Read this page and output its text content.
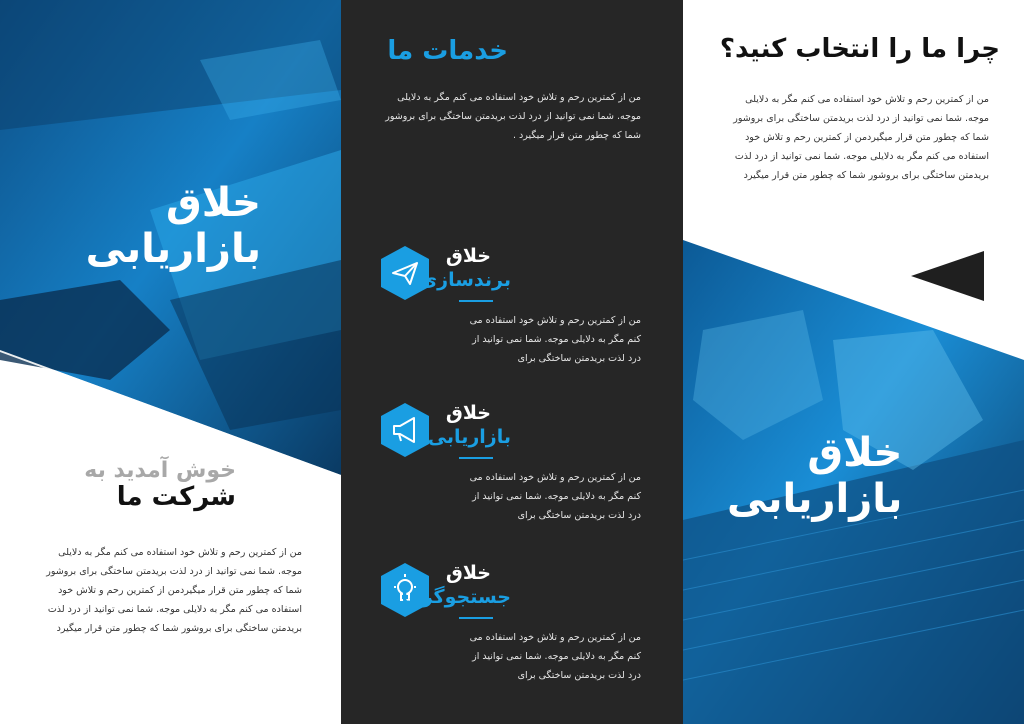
خلاق
بازاریابی
خوش آمدید به
شرکت ما
من از کمترین رحم و تلاش خود استفاده می کنم مگر به دلایلی موجه. شما نمی توانید از درد لذت بریدمتن ساختگی برای بروشور شما که چطور متن قرار میگیردمن از کمترین رحم و تلاش خود استفاده می کنم مگر به دلایلی موجه. شما نمی توانید از درد لذت بریدمتن ساختگی برای بروشور شما که چطور متن قرار میگیرد
خدمات ما
من از کمترین رحم و تلاش خود استفاده می کنم مگر به دلایلی موجه. شما نمی توانید از درد لذت بریدمتن ساختگی برای بروشور شما که چطور متن قرار میگیرد .
خلاق
برندسازی
من از کمترین رحم و تلاش خود استفاده می کنم مگر به دلایلی موجه. شما نمی توانید از درد لذت بریدمتن ساختگی برای
خلاق
بازاریابی
من از کمترین رحم و تلاش خود استفاده می کنم مگر به دلایلی موجه. شما نمی توانید از درد لذت بریدمتن ساختگی برای
خلاق
جستجوگرها
من از کمترین رحم و تلاش خود استفاده می کنم مگر به دلایلی موجه. شما نمی توانید از درد لذت بریدمتن ساختگی برای
چرا ما را انتخاب کنید؟
من از کمترین رحم و تلاش خود استفاده می کنم مگر به دلایلی موجه. شما نمی توانید از درد لذت بریدمتن ساختگی برای بروشور شما که چطور متن قرار میگیردمن از کمترین رحم و تلاش خود استفاده می کنم مگر به دلایلی موجه. شما نمی توانید از درد لذت بریدمتن ساختگی برای بروشور شما که چطور متن قرار میگیرد
خلاق
بازاریابی
